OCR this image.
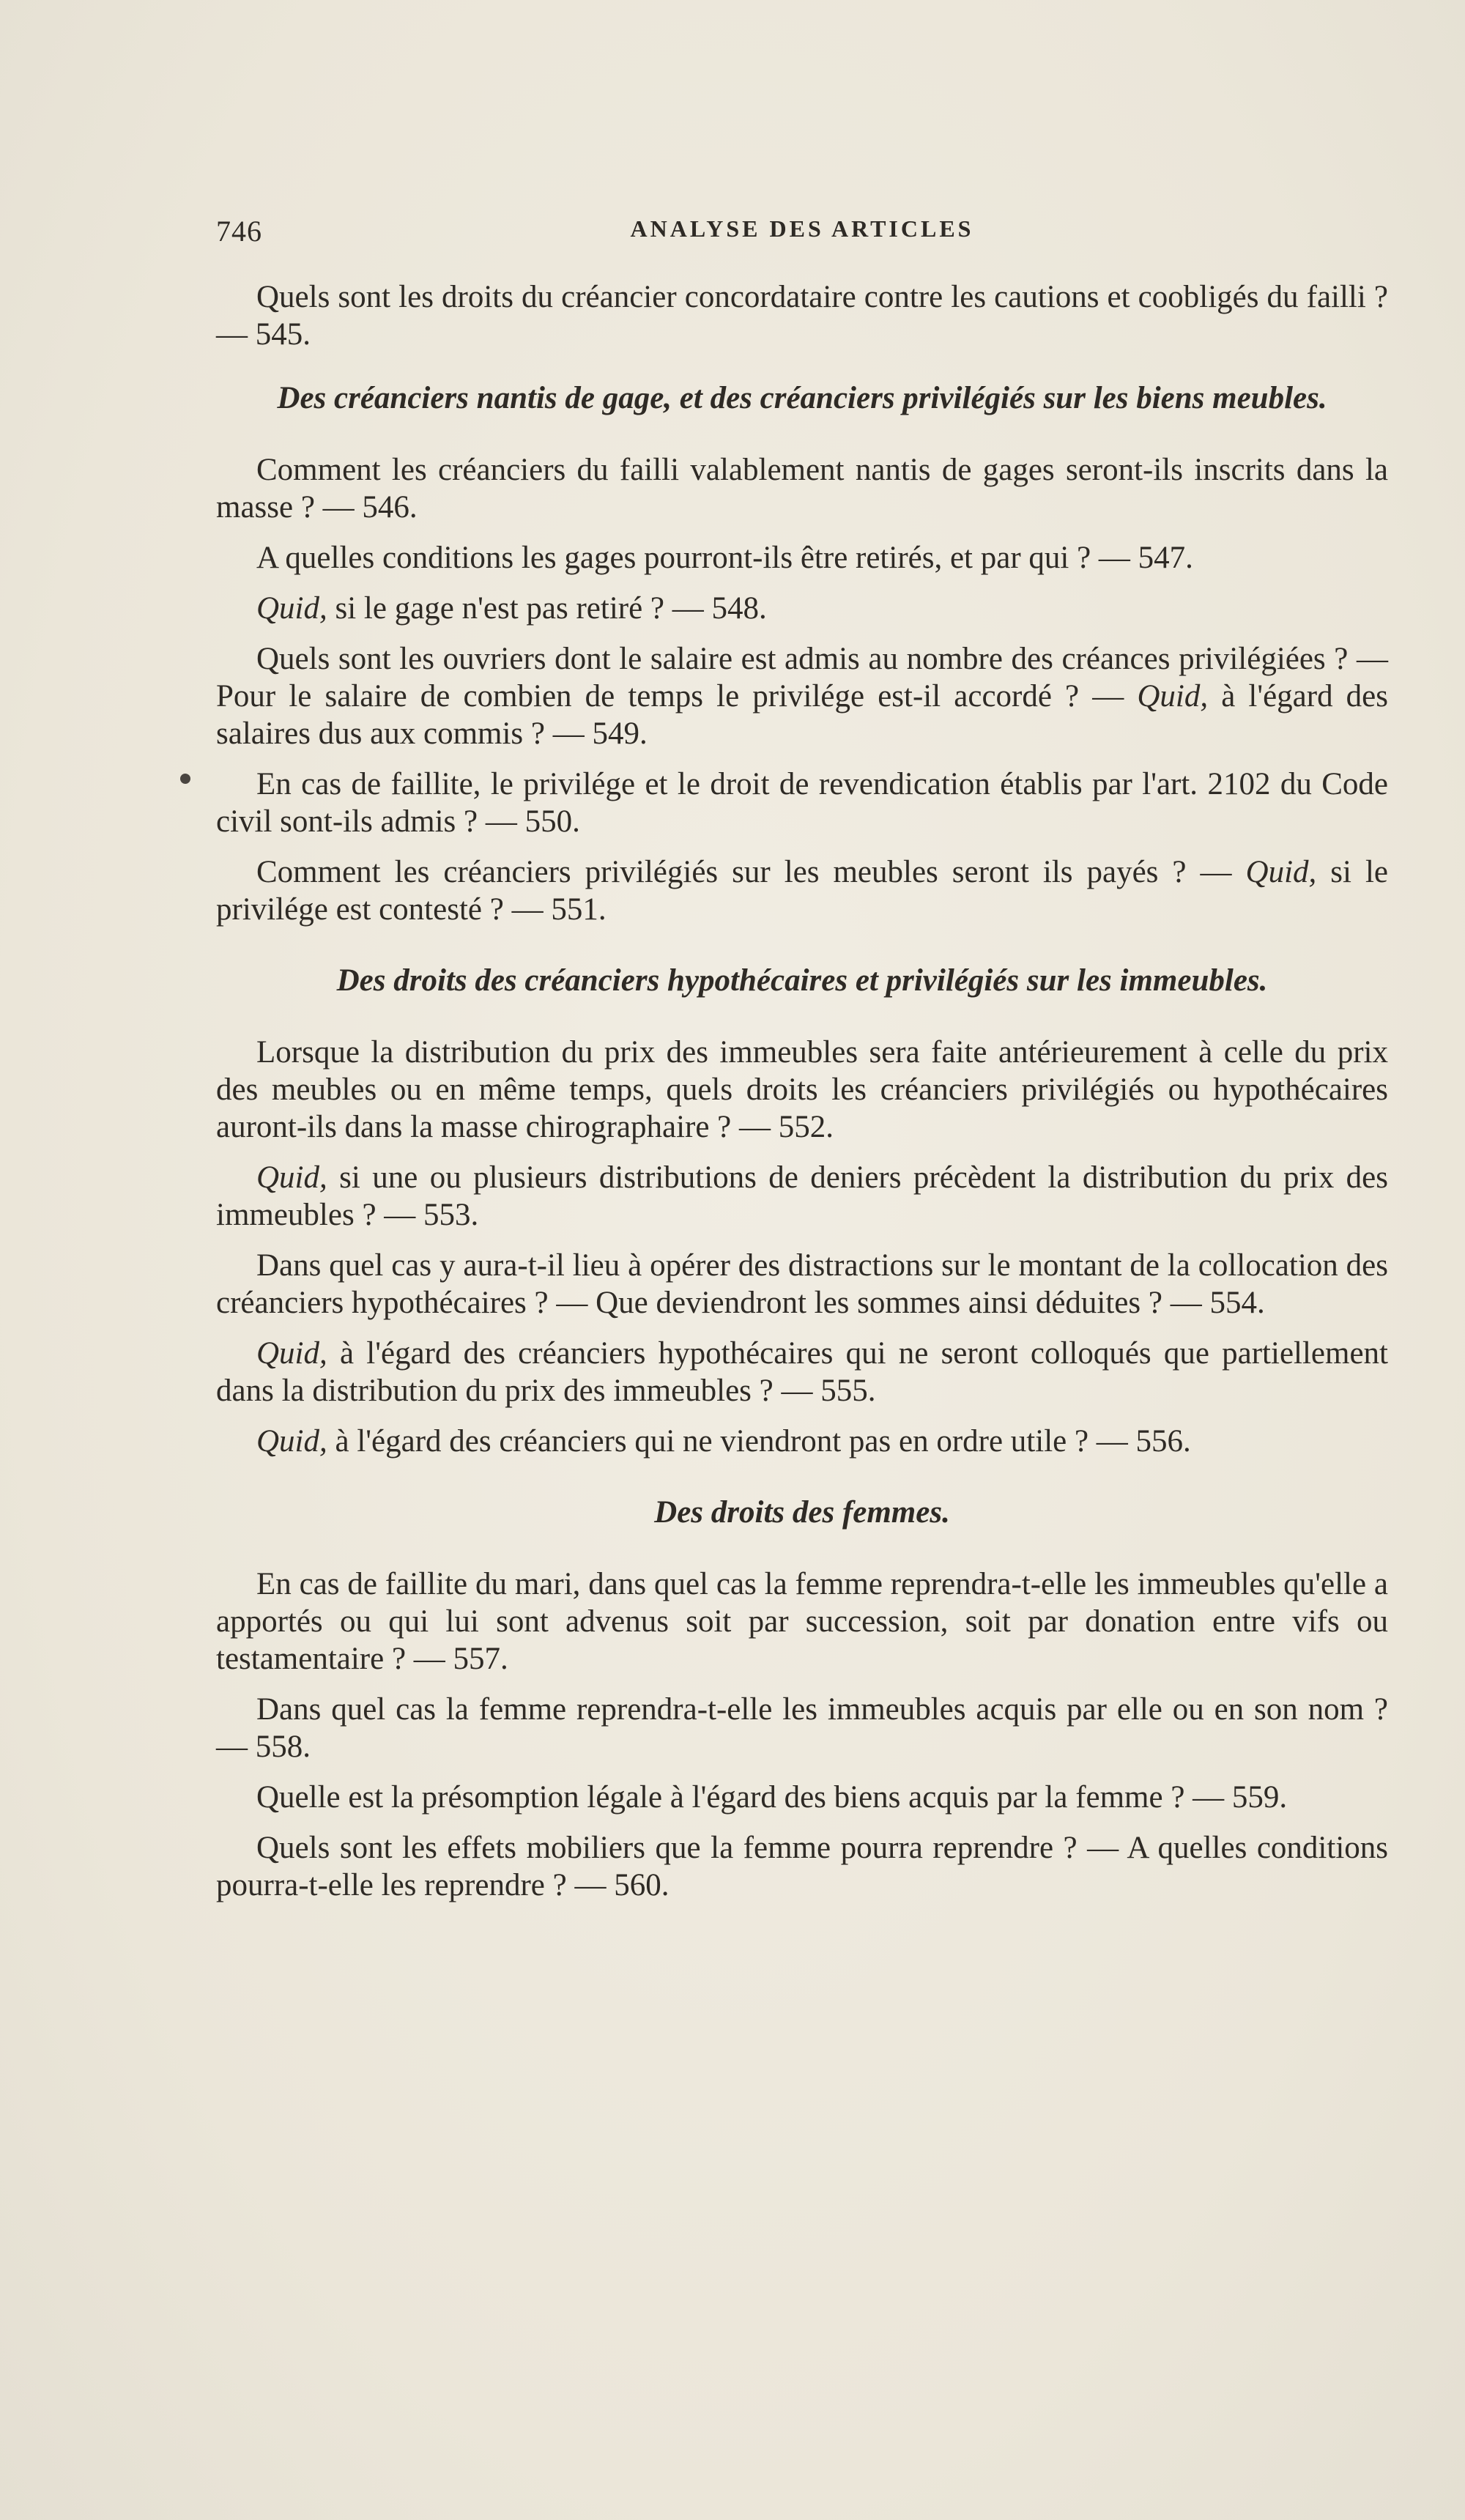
746	ANALYSE DES ARTICLES

Quels sont les droits du créancier concordataire contre les cautions et coobligés du failli ? — 545.

Des créanciers nantis de gage, et des créanciers privilégiés sur les biens meubles.

Comment les créanciers du failli valablement nantis de gages seront-ils inscrits dans la masse ? — 546.

A quelles conditions les gages pourront-ils être retirés, et par qui ? — 547.

Quid, si le gage n'est pas retiré ? — 548.

Quels sont les ouvriers dont le salaire est admis au nombre des créances privilégiées ? — Pour le salaire de combien de temps le privilége est-il accordé ? — Quid, à l'égard des salaires dus aux commis ? — 549.

En cas de faillite, le privilége et le droit de revendication établis par l'art. 2102 du Code civil sont-ils admis ? — 550.

Comment les créanciers privilégiés sur les meubles seront ils payés ? — Quid, si le privilége est contesté ? — 551.

Des droits des créanciers hypothécaires et privilégiés sur les immeubles.

Lorsque la distribution du prix des immeubles sera faite antérieurement à celle du prix des meubles ou en même temps, quels droits les créanciers privilégiés ou hypothécaires auront-ils dans la masse chirographaire ? — 552.

Quid, si une ou plusieurs distributions de deniers précèdent la distribution du prix des immeubles ? — 553.

Dans quel cas y aura-t-il lieu à opérer des distractions sur le montant de la collocation des créanciers hypothécaires ? — Que deviendront les sommes ainsi déduites ? — 554.

Quid, à l'égard des créanciers hypothécaires qui ne seront colloqués que partiellement dans la distribution du prix des immeubles ? — 555.

Quid, à l'égard des créanciers qui ne viendront pas en ordre utile ? — 556.

Des droits des femmes.

En cas de faillite du mari, dans quel cas la femme reprendra-t-elle les immeubles qu'elle a apportés ou qui lui sont advenus soit par succession, soit par donation entre vifs ou testamentaire ? — 557.

Dans quel cas la femme reprendra-t-elle les immeubles acquis par elle ou en son nom ? — 558.

Quelle est la présomption légale à l'égard des biens acquis par la femme ? — 559.

Quels sont les effets mobiliers que la femme pourra reprendre ? — A quelles conditions pourra-t-elle les reprendre ? — 560.
